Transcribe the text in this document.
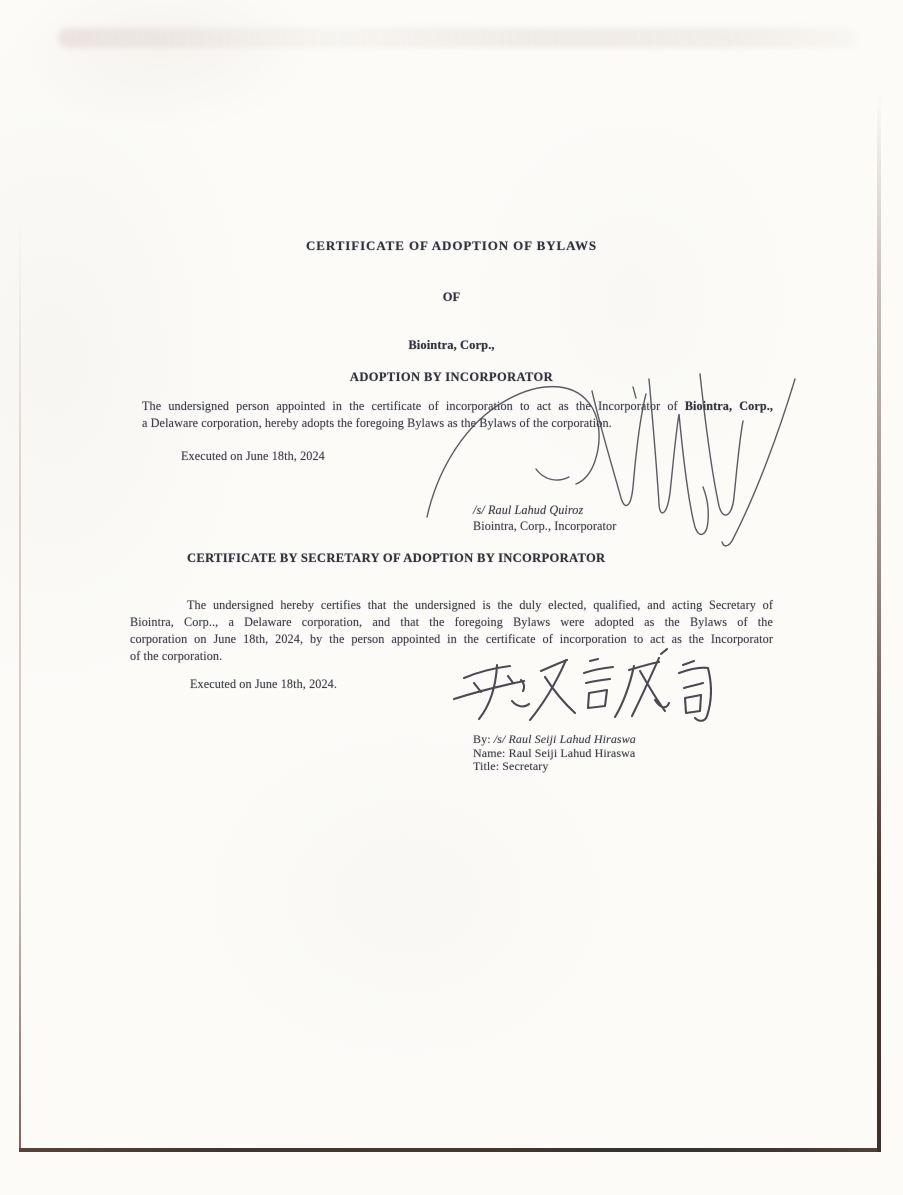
CERTIFICATE OF ADOPTION OF BYLAWS
OF
Biointra, Corp.,
ADOPTION BY INCORPORATOR
The undersigned person appointed in the certificate of incorporation to act as the Incorporator of Biointra, Corp.,
a Delaware corporation, hereby adopts the foregoing Bylaws as the Bylaws of the corporation.
Executed on June 18th, 2024
/s/ Raul Lahud Quiroz
Biointra, Corp., Incorporator
CERTIFICATE BY SECRETARY OF ADOPTION BY INCORPORATOR
The undersigned hereby certifies that the undersigned is the duly elected, qualified, and acting Secretary of
Biointra, Corp.., a Delaware corporation, and that the foregoing Bylaws were adopted as the Bylaws of the
corporation on June 18th, 2024, by the person appointed in the certificate of incorporation to act as the Incorporator
of the corporation.
Executed on June 18th, 2024.
By: /s/ Raul Seiji Lahud Hiraswa
Name: Raul Seiji Lahud Hiraswa
Title: Secretary
